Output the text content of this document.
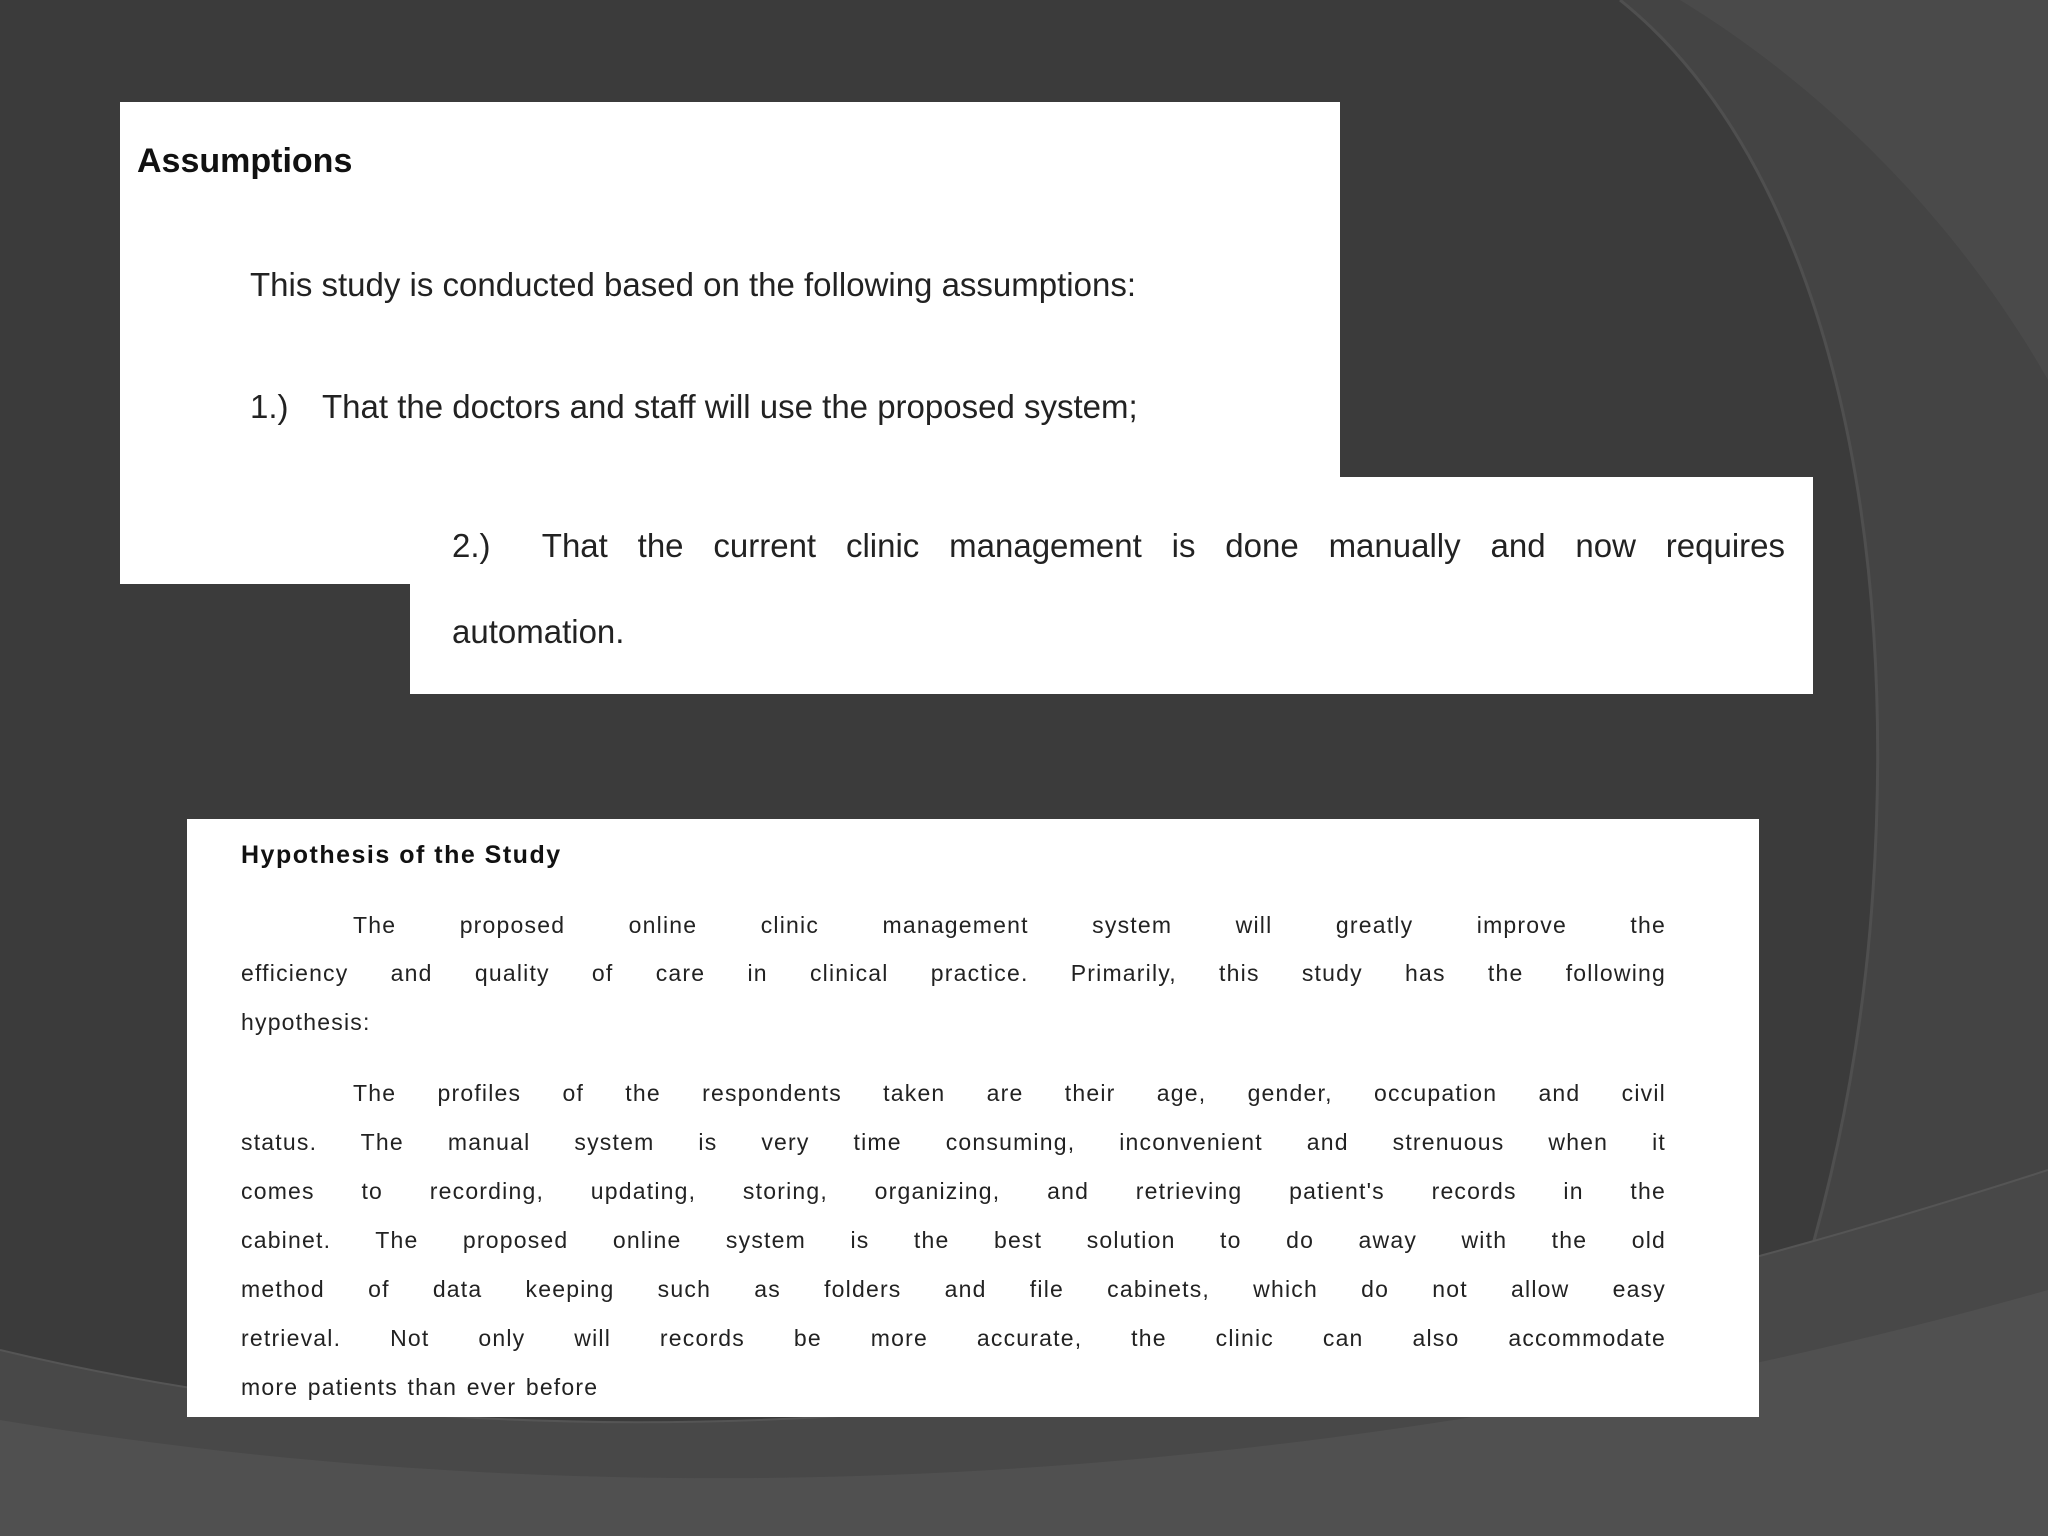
Assumptions

This study is conducted based on the following assumptions:

1.) That the doctors and staff will use the proposed system;

2.) That the current clinic management is done manually and now requires

automation.

Hypothesis of the Study

The proposed online clinic management system will greatly improve the

efficiency and quality of care in clinical practice. Primarily, this study has the following

hypothesis:

The profiles of the respondents taken are their age, gender, occupation and civil

status. The manual system is very time consuming, inconvenient and strenuous when it

comes to recording, updating, storing, organizing, and retrieving patient's records in the

cabinet. The proposed online system is the best solution to do away with the old

method of data keeping such as folders and file cabinets, which do not allow easy

retrieval. Not only will records be more accurate, the clinic can also accommodate

more patients than ever before
